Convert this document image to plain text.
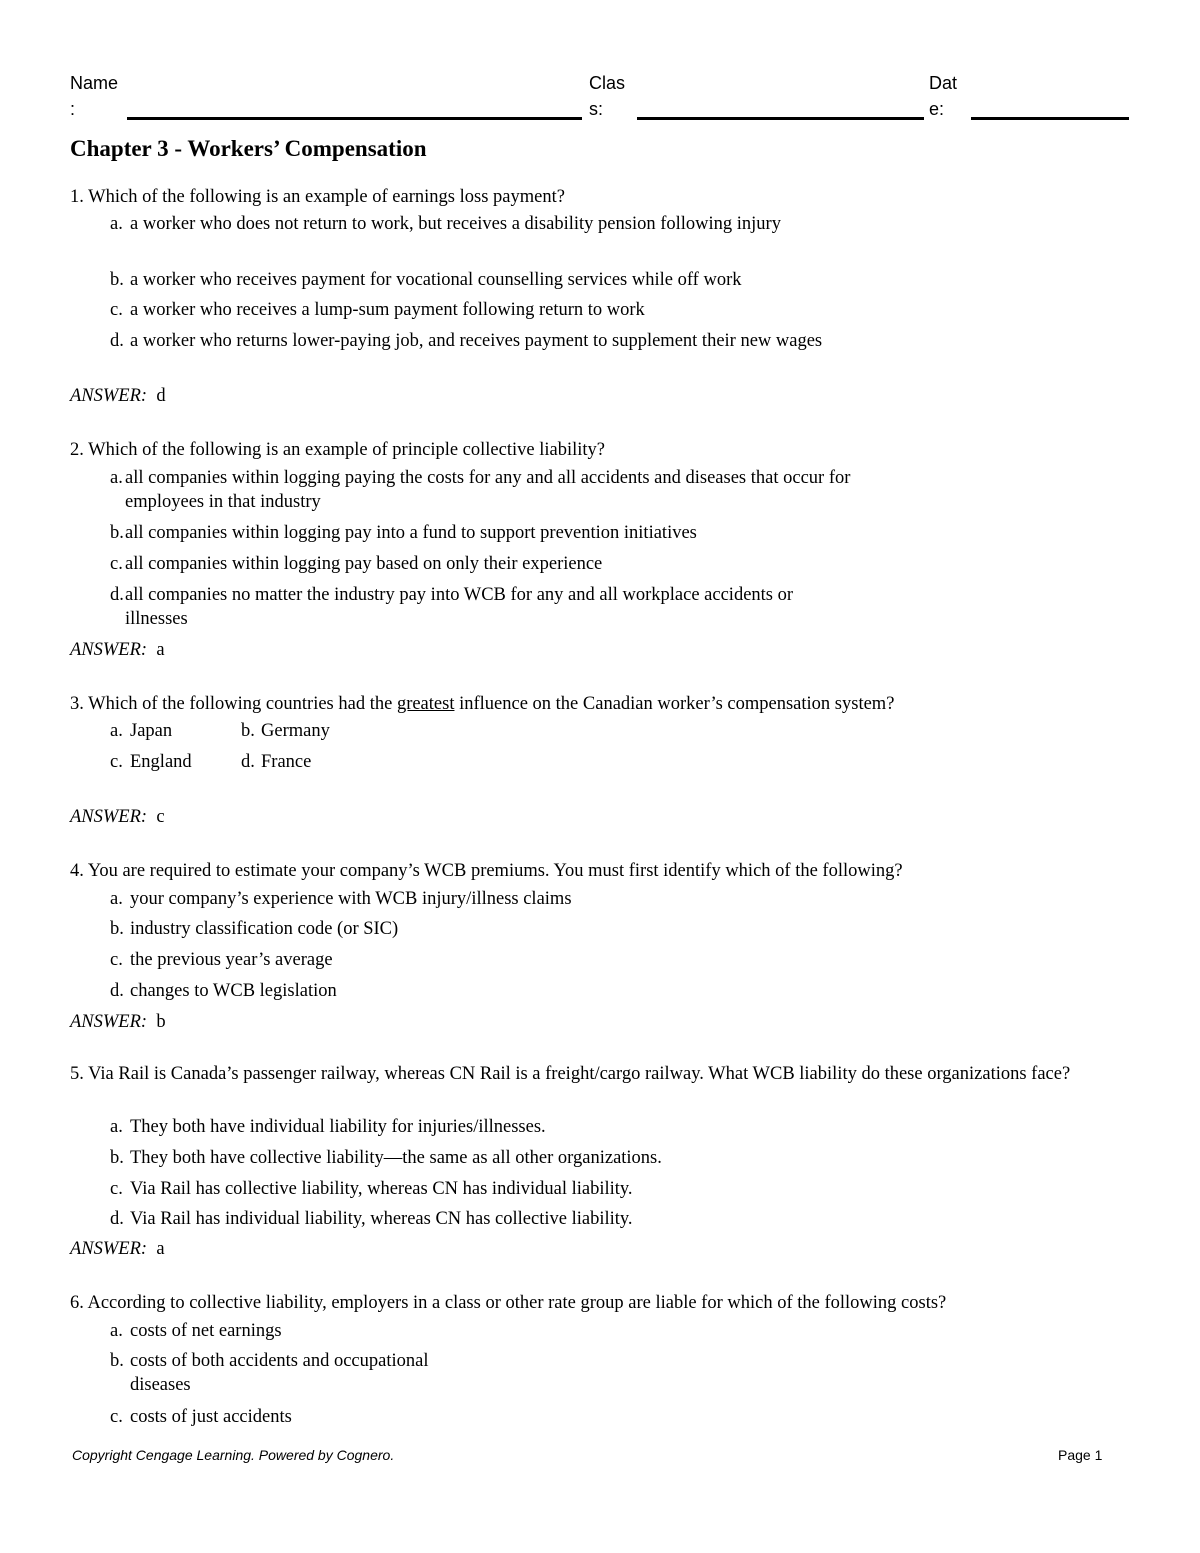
Name
:
Clas
s:
Dat
e:
Chapter 3 - Workers’ Compensation
1. Which of the following is an example of earnings loss payment?
a. a worker who does not return to work, but receives a disability pension following injury
b. a worker who receives payment for vocational counselling services while off work
c. a worker who receives a lump-sum payment following return to work
d. a worker who returns lower-paying job, and receives payment to supplement their new wages
ANSWER: d
2. Which of the following is an example of principle collective liability?
a. all companies within logging paying the costs for any and all accidents and diseases that occur for employees in that industry
b. all companies within logging pay into a fund to support prevention initiatives
c. all companies within logging pay based on only their experience
d. all companies no matter the industry pay into WCB for any and all workplace accidents or illnesses
ANSWER: a
3. Which of the following countries had the greatest influence on the Canadian worker’s compensation system?
a. Japan	b. Germany
c. England	d. France
ANSWER: c
4. You are required to estimate your company’s WCB premiums. You must first identify which of the following?
a. your company’s experience with WCB injury/illness claims
b. industry classification code (or SIC)
c. the previous year’s average
d. changes to WCB legislation
ANSWER: b
5. Via Rail is Canada’s passenger railway, whereas CN Rail is a freight/cargo railway. What WCB liability do these organizations face?
a. They both have individual liability for injuries/illnesses.
b. They both have collective liability—the same as all other organizations.
c. Via Rail has collective liability, whereas CN has individual liability.
d. Via Rail has individual liability, whereas CN has collective liability.
ANSWER: a
6. According to collective liability, employers in a class or other rate group are liable for which of the following costs?
a. costs of net earnings
b. costs of both accidents and occupational diseases
c. costs of just accidents
Copyright Cengage Learning. Powered by Cognero.	Page 1
